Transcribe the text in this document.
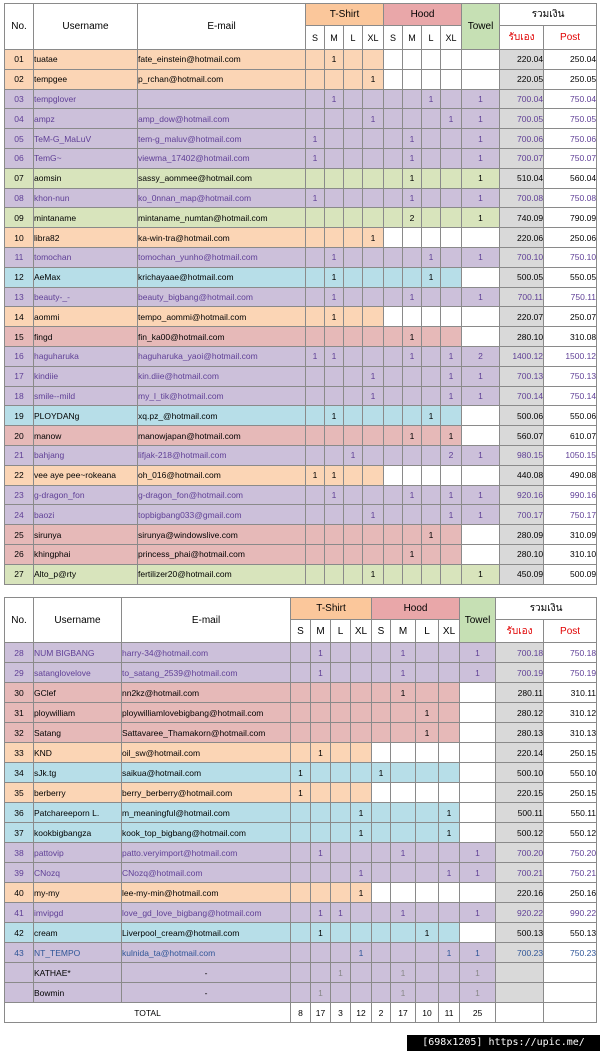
No.	Username	E-mail	T-Shirt				Hood				Towel	รวมเงิน	
			S	M	L	XL	S	M	L	XL		รับเอง	Post
01	tuatae	fate_einstein@hotmail.com		1								220.04	250.04
02	tempgee	p_rchan@hotmail.com				1						220.05	250.05
03	tempglover			1					1		1	700.04	750.04
04	ampz	amp_dow@hotmail.com				1				1	1	700.05	750.05
05	TeM-G_MaLuV	tem-g_maluv@hotmail.com	1					1			1	700.06	750.06
06	TemG~	viewma_17402@hotmail.com	1					1			1	700.07	750.07
07	aomsin	sassy_aommee@hotmail.com						1			1	510.04	560.04
08	khon-nun	ko_0nnan_map@hotmail.com	1					1			1	700.08	750.08
09	mintaname	mintaname_numtan@hotmail.com						2			1	740.09	790.09
10	libra82	ka-win-tra@hotmail.com				1						220.06	250.06
11	tomochan	tomochan_yunho@hotmail.com		1					1		1	700.10	750.10
12	AeMax	krichayaae@hotmail.com		1					1			500.05	550.05
13	beauty-_-	beauty_bigbang@hotmail.com		1				1			1	700.11	750.11
14	aommi	tempo_aommi@hotmail.com		1								220.07	250.07
15	fingd	fin_ka00@hotmail.com						1				280.10	310.08
16	haguharuka	haguharuka_yaoi@hotmail.com	1	1				1		1	2	1400.12	1500.12
17	kindiie	kin.diie@hotmail.com				1				1	1	700.13	750.13
18	smile--mild	my_l_tik@hotmail.com				1				1	1	700.14	750.14
19	PLOYDANg	xq.pz_@hotmail.com		1					1			500.06	550.06
20	manow	manowjapan@hotmail.com						1		1		560.07	610.07
21	bahjang	lifjak-218@hotmail.com			1					2	1	980.15	1050.15
22	vee aye pee~rokeana	oh_016@hotmail.com	1	1								440.08	490.08
23	g-dragon_fon	g-dragon_fon@hotmail.com		1				1		1	1	920.16	990.16
24	baozi	topbigbang033@gmail.com				1				1	1	700.17	750.17
25	sirunya	sirunya@windowslive.com							1			280.09	310.09
26	khingphai	princess_phai@hotmail.com						1				280.10	310.10
27	Alto_p@rty	fertilizer20@hotmail.com				1					1	450.09	500.09
No.	Username	E-mail	T-Shirt				Hood				Towel	รวมเงิน	
			S	M	L	XL	S	M	L	XL		รับเอง	Post
28	NUM BIGBANG	harry-34@hotmail.com		1				1			1	700.18	750.18
29	satanglovelove	to_satang_2539@hotmail.com		1				1			1	700.19	750.19
30	GClef	nn2kz@hotmail.com						1				280.11	310.11
31	ploywilliam	ploywilliamlovebigbang@hotmail.com							1			280.12	310.12
32	Satang	Sattavaree_Thamakorn@hotmail.com							1			280.13	310.13
33	KND	oil_sw@hotmail.com		1								220.14	250.15
34	sJk.tg	saikua@hotmail.com	1				1					500.10	550.10
35	berberry	berry_berberry@hotmail.com	1									220.15	250.15
36	Patchareeporn L.	m_meaningful@hotmail.com				1				1		500.11	550.11
37	kookbigbangza	kook_top_bigbang@hotmail.com				1				1		500.12	550.12
38	pattovip	patto.veryimport@hotmail.com		1				1			1	700.20	750.20
39	CNozq	CNozq@hotmail.com				1				1	1	700.21	750.21
40	my-my	lee-my-min@hotmail.com				1						220.16	250.16
41	imvipgd	love_gd_love_bigbang@hotmail.com		1	1			1			1	920.22	990.22
42	cream	Liverpool_cream@hotmail.com		1					1			500.13	550.13
43	NT_TEMPO	kulnida_ta@hotmail.com				1				1	1	700.23	750.23
	KATHAE*	-			1			1			1		
	Bowmin	-		1				1			1		
TOTAL			8	17	3	12	2	17	10	11	25		
[698x1205] https://upic.me/
